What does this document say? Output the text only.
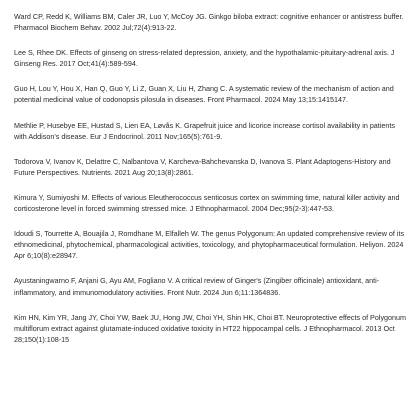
Ward CP, Redd K, Williams BM, Caler JR, Luo Y, McCoy JG. Ginkgo biloba extract: cognitive enhancer or antistress buffer. Pharmacol Biochem Behav. 2002 Jul;72(4):913-22.
Lee S, Rhee DK. Effects of ginseng on stress-related depression, anxiety, and the hypothalamic-pituitary-adrenal axis. J Ginseng Res. 2017 Oct;41(4):589-594.
Guo H, Lou Y, Hou X, Han Q, Guo Y, Li Z, Guan X, Liu H, Zhang C. A systematic review of the mechanism of action and potential medicinal value of codonopsis pilosula in diseases. Front Pharmacol. 2024 May 13;15:1415147.
Methlie P, Husebye EE, Hustad S, Lien EA, Løvås K. Grapefruit juice and licorice increase cortisol availability in patients with Addison's disease. Eur J Endocrinol. 2011 Nov;165(5):761-9.
Todorova V, Ivanov K, Delattre C, Nalbantova V, Karcheva-Bahchevanska D, Ivanova S. Plant Adaptogens-History and Future Perspectives. Nutrients. 2021 Aug 20;13(8):2861.
Kimura Y, Sumiyoshi M. Effects of various Eleutherococcus senticosus cortex on swimming time, natural killer activity and corticosterone level in forced swimming stressed mice. J Ethnopharmacol. 2004 Dec;95(2-3):447-53.
Idoudi S, Tourrette A, Bouajila J, Romdhane M, Elfalleh W. The genus Polygonum: An updated comprehensive review of its ethnomedicinal, phytochemical, pharmacological activities, toxicology, and phytopharmaceutical formulation. Heliyon. 2024 Apr 6;10(8):e28947.
Ayustaningwarno F, Anjani G, Ayu AM, Fogliano V. A critical review of Ginger's (Zingiber officinale) antioxidant, anti-inflammatory, and immunomodulatory activities. Front Nutr. 2024 Jun 6;11:1364836.
Kim HN, Kim YR, Jang JY, Choi YW, Baek JU, Hong JW, Choi YH, Shin HK, Choi BT. Neuroprotective effects of Polygonum multiflorum extract against glutamate-induced oxidative toxicity in HT22 hippocampal cells. J Ethnopharmacol. 2013 Oct 28;150(1):108-15
